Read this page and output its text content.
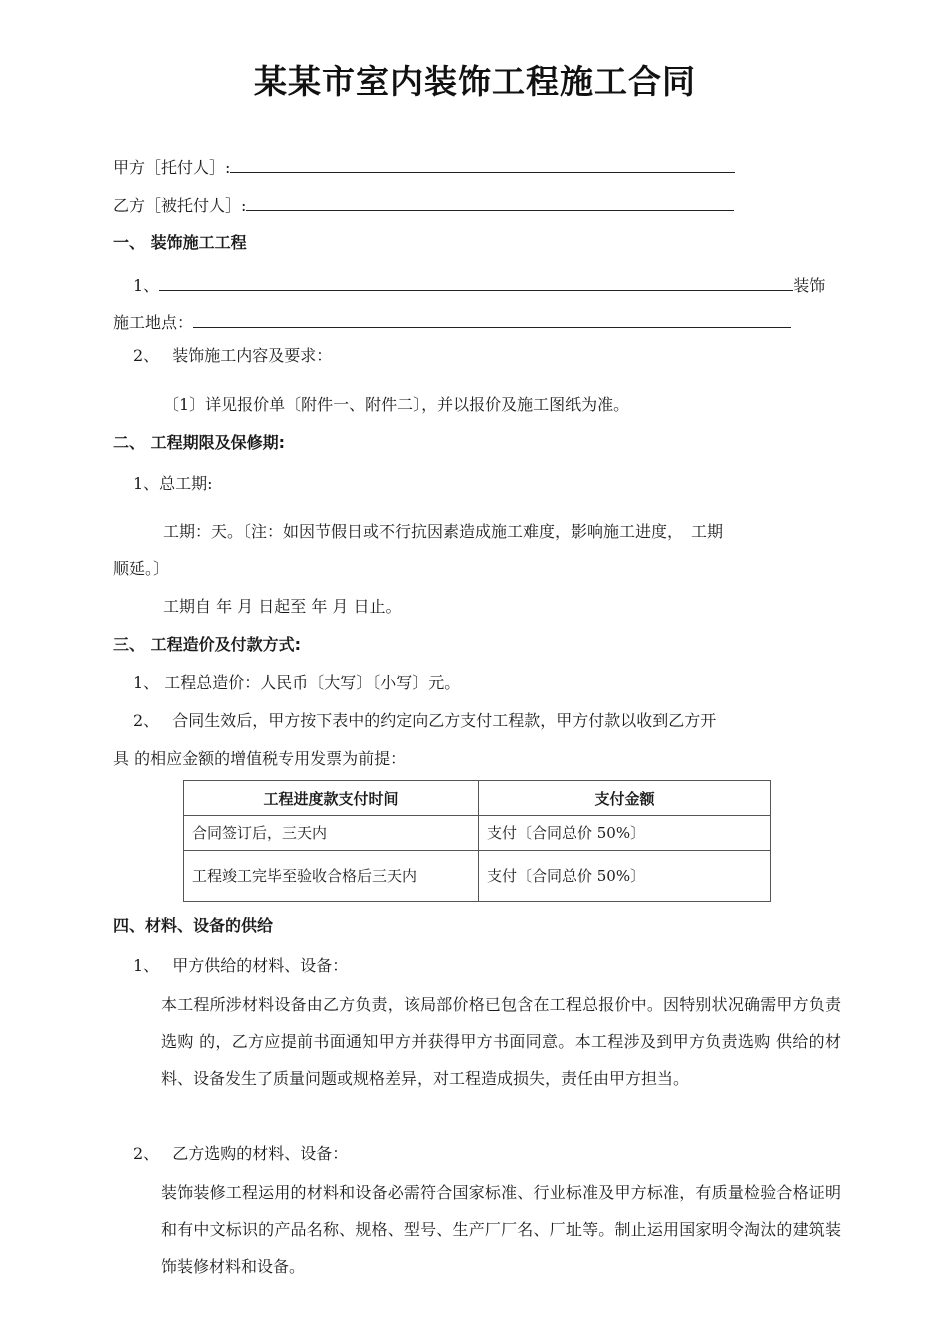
某某市室内装饰工程施工合同
甲方［托付人］:
乙方［被托付人］:
一、 装饰施工工程
1、	装饰
施工地点：
2、　 装饰施工内容及要求：
〔1〕详见报价单〔附件一、附件二〕，并以报价及施工图纸为准。
二、 工程期限及保修期:
1、总工期:
工期：天。〔注：如因节假日或不行抗因素造成施工难度，影响施工进度，　工期
顺延。〕
工期自 年 月 日起至 年 月 日止。
三、 工程造价及付款方式:
1、 工程总造价：人民币〔大写〕〔小写〕元。
2、　 合同生效后，甲方按下表中的约定向乙方支付工程款，甲方付款以收到乙方开
具 的相应金额的增值税专用发票为前提：
工程进度款支付时间	支付金额
合同签订后，三天内	支付〔合同总价 50%〕
工程竣工完毕至验收合格后三天内	支付〔合同总价 50%〕
四、材料、设备的供给
1、　 甲方供给的材料、设备：
本工程所涉材料设备由乙方负责，该局部价格已包含在工程总报价中。因特别状况确需甲方负责选购 的，乙方应提前书面通知甲方并获得甲方书面同意。本工程涉及到甲方负责选购 供给的材料、设备发生了质量问题或规格差异，对工程造成损失，责任由甲方担当。
2、　 乙方选购的材料、设备：
装饰装修工程运用的材料和设备必需符合国家标准、行业标准及甲方标准，有质量检验合格证明和有中文标识的产品名称、规格、型号、生产厂厂名、厂址等。制止运用国家明令淘汰的建筑装饰装修材料和设备。
